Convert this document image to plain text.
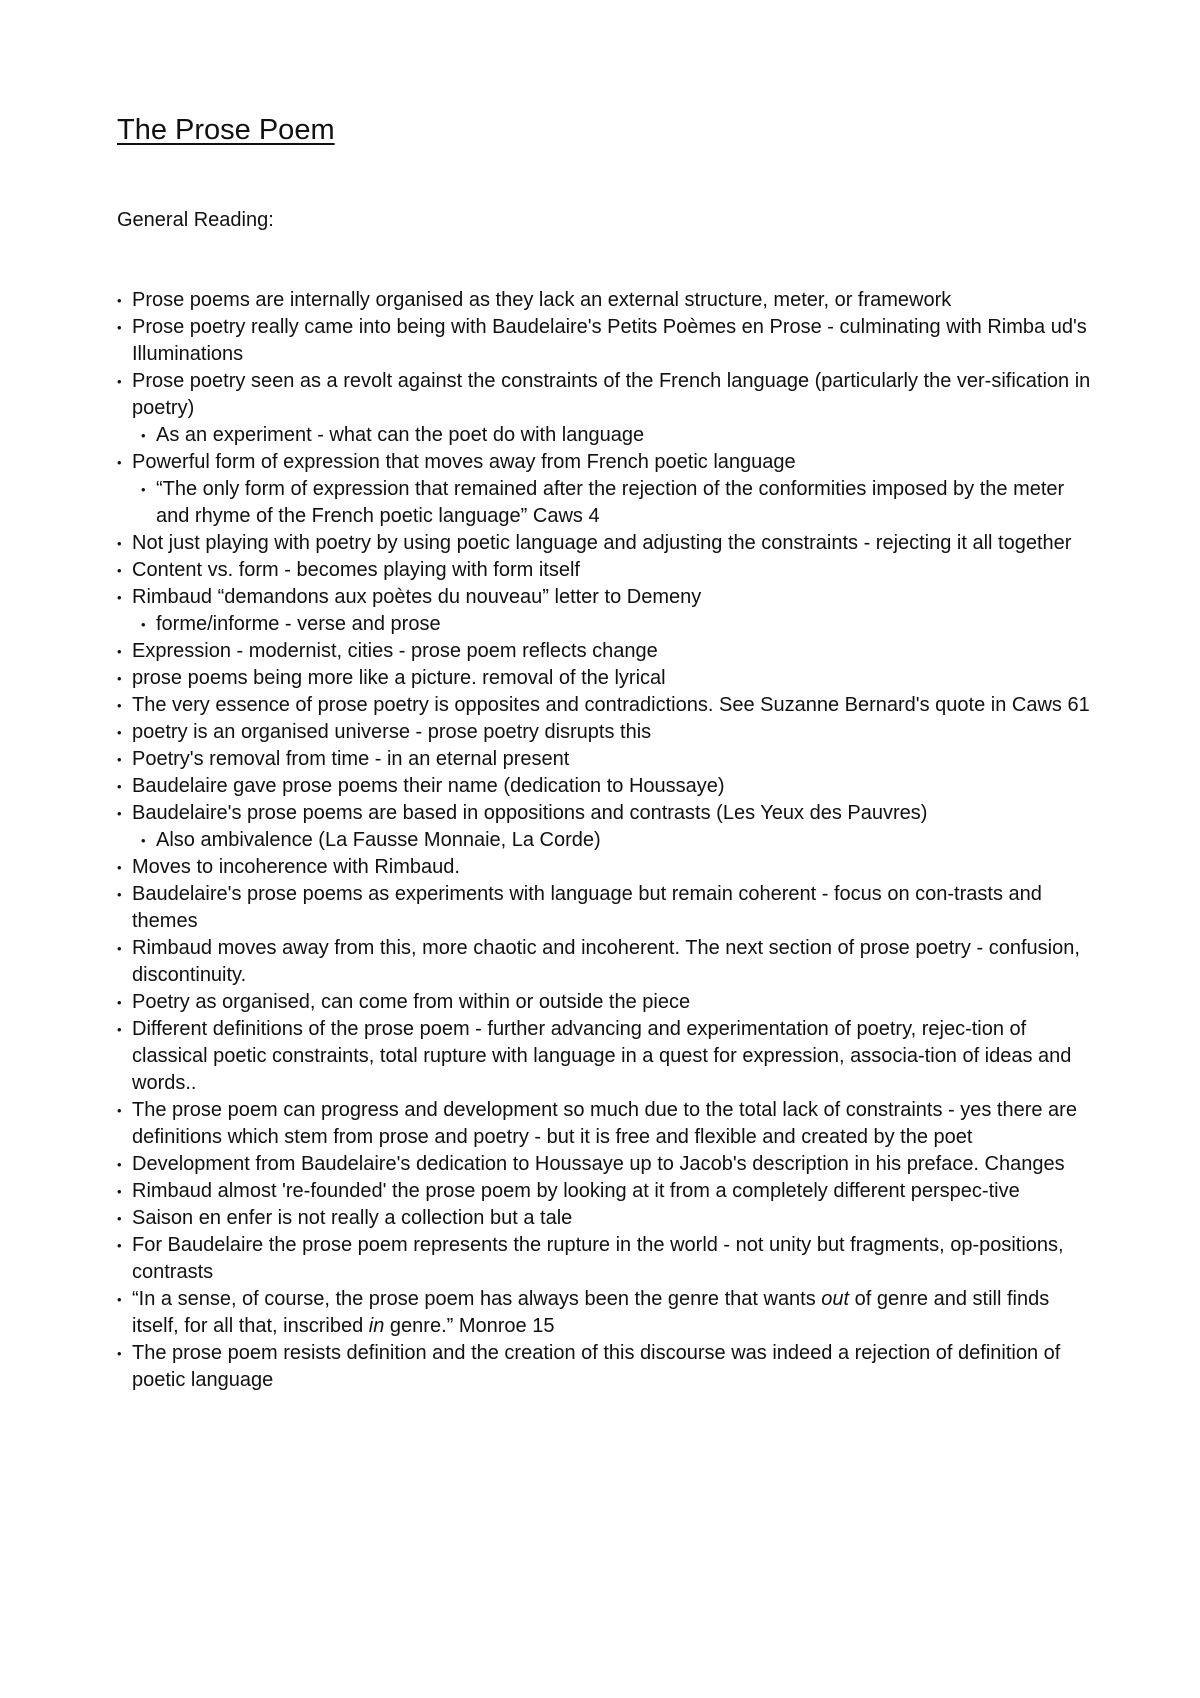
The Prose Poem

General Reading:

• Prose poems are internally organised as they lack an external structure, meter, or framework
• Prose poetry really came into being with Baudelaire's Petits Poèmes en Prose - culminating with Rimba ud's Illuminations
• Prose poetry seen as a revolt against the constraints of the French language (particularly the ver-sification in poetry)
• As an experiment - what can the poet do with language
• Powerful form of expression that moves away from French poetic language
• “The only form of expression that remained after the rejection of the conformities imposed by the meter and rhyme of the French poetic language” Caws 4
• Not just playing with poetry by using poetic language and adjusting the constraints - rejecting it all together
• Content vs. form - becomes playing with form itself
• Rimbaud “demandons aux poètes du nouveau” letter to Demeny
• forme/informe - verse and prose
• Expression - modernist, cities - prose poem reflects change
• prose poems being more like a picture. removal of the lyrical
• The very essence of prose poetry is opposites and contradictions. See Suzanne Bernard's quote in Caws 61
• poetry is an organised universe - prose poetry disrupts this
• Poetry's removal from time - in an eternal present
• Baudelaire gave prose poems their name (dedication to Houssaye)
• Baudelaire's prose poems are based in oppositions and contrasts (Les Yeux des Pauvres)
• Also ambivalence (La Fausse Monnaie, La Corde)
• Moves to incoherence with Rimbaud.
• Baudelaire's prose poems as experiments with language but remain coherent - focus on con-trasts and themes
• Rimbaud moves away from this, more chaotic and incoherent. The next section of prose poetry - confusion, discontinuity.
• Poetry as organised, can come from within or outside the piece
• Different definitions of the prose poem - further advancing and experimentation of poetry, rejec-tion of classical poetic constraints, total rupture with language in a quest for expression, associa-tion of ideas and words..
• The prose poem can progress and development so much due to the total lack of constraints - yes there are definitions which stem from prose and poetry - but it is free and flexible and created by the poet
• Development from Baudelaire's dedication to Houssaye up to Jacob's description in his preface. Changes
• Rimbaud almost 're-founded' the prose poem by looking at it from a completely different perspec-tive
• Saison en enfer is not really a collection but a tale
• For Baudelaire the prose poem represents the rupture in the world - not unity but fragments, op-positions, contrasts
• “In a sense, of course, the prose poem has always been the genre that wants out of genre and still finds itself, for all that, inscribed in genre.” Monroe 15
• The prose poem resists definition and the creation of this discourse was indeed a rejection of definition of poetic language
